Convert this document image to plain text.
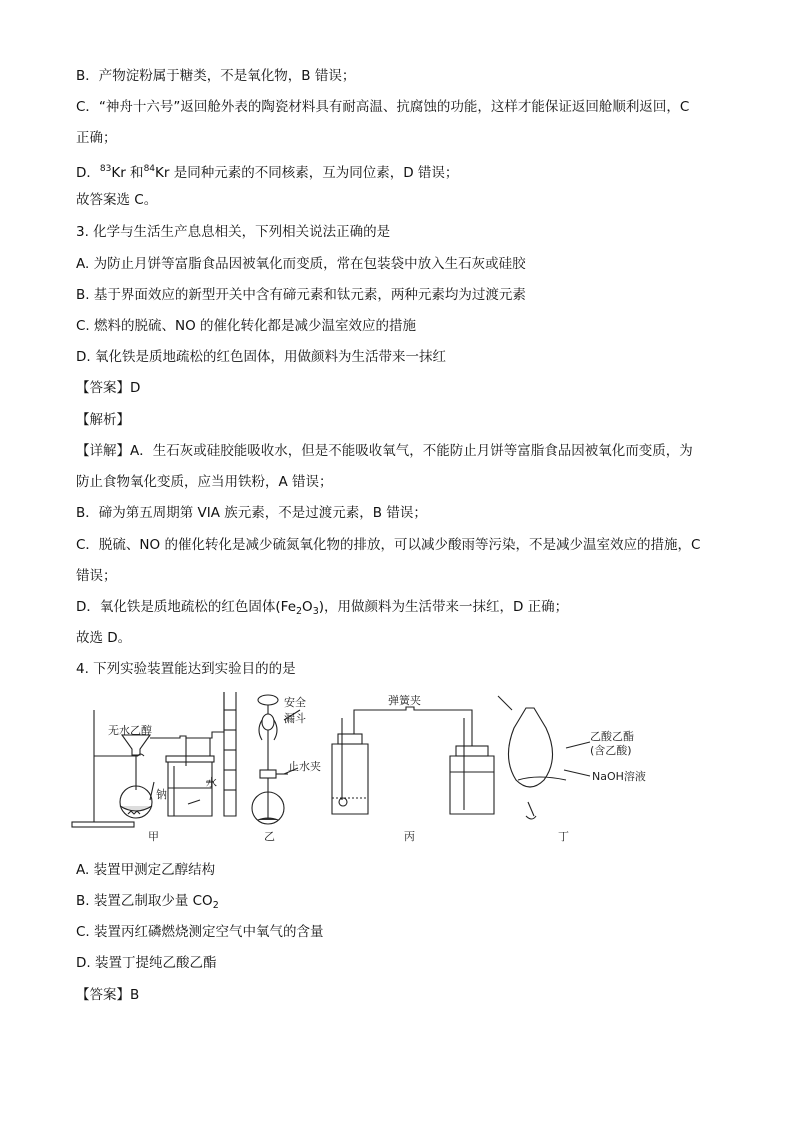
B．产物淀粉属于糖类，不是氧化物，B 错误；
C．“神舟十六号”返回舱外表的陶瓷材料具有耐高温、抗腐蚀的功能，这样才能保证返回舱顺利返回，C
正确；
D．$^{83}$Kr 和$^{84}$Kr 是同种元素的不同核素，互为同位素，D 错误；
故答案选 C。
3. 化学与生活生产息息相关，下列相关说法正确的是
A. 为防止月饼等富脂食品因被氧化而变质，常在包装袋中放入生石灰或硅胶
B. 基于界面效应的新型开关中含有碲元素和钛元素，两种元素均为过渡元素
C. 燃料的脱硫、NO 的催化转化都是减少温室效应的措施
D. 氧化铁是质地疏松的红色固体，用做颜料为生活带来一抹红
【答案】D
【解析】
【详解】A．生石灰或硅胶能吸收水，但是不能吸收氧气，不能防止月饼等富脂食品因被氧化而变质，为
防止食物氧化变质，应当用铁粉，A 错误；
B．碲为第五周期第 VIA 族元素，不是过渡元素，B 错误；
C．脱硫、NO 的催化转化是减少硫氮氧化物的排放，可以减少酸雨等污染，不是减少温室效应的措施，C
错误；
D．氧化铁是质地疏松的红色固体$(Fe_2O_3)$，用做颜料为生活带来一抹红，D 正确；
故选 D。
4. 下列实验装置能达到实验目的的是
无水乙醇
钠
水
甲
安全
漏斗
止水夹
乙
弹簧夹
丙
乙酸乙酯
(含乙酸)
NaOH溶液
丁
A. 装置甲测定乙醇结构
B. 装置乙制取少量 $CO_2$
C. 装置丙红磷燃烧测定空气中氧气的含量
D. 装置丁提纯乙酸乙酯
【答案】B
